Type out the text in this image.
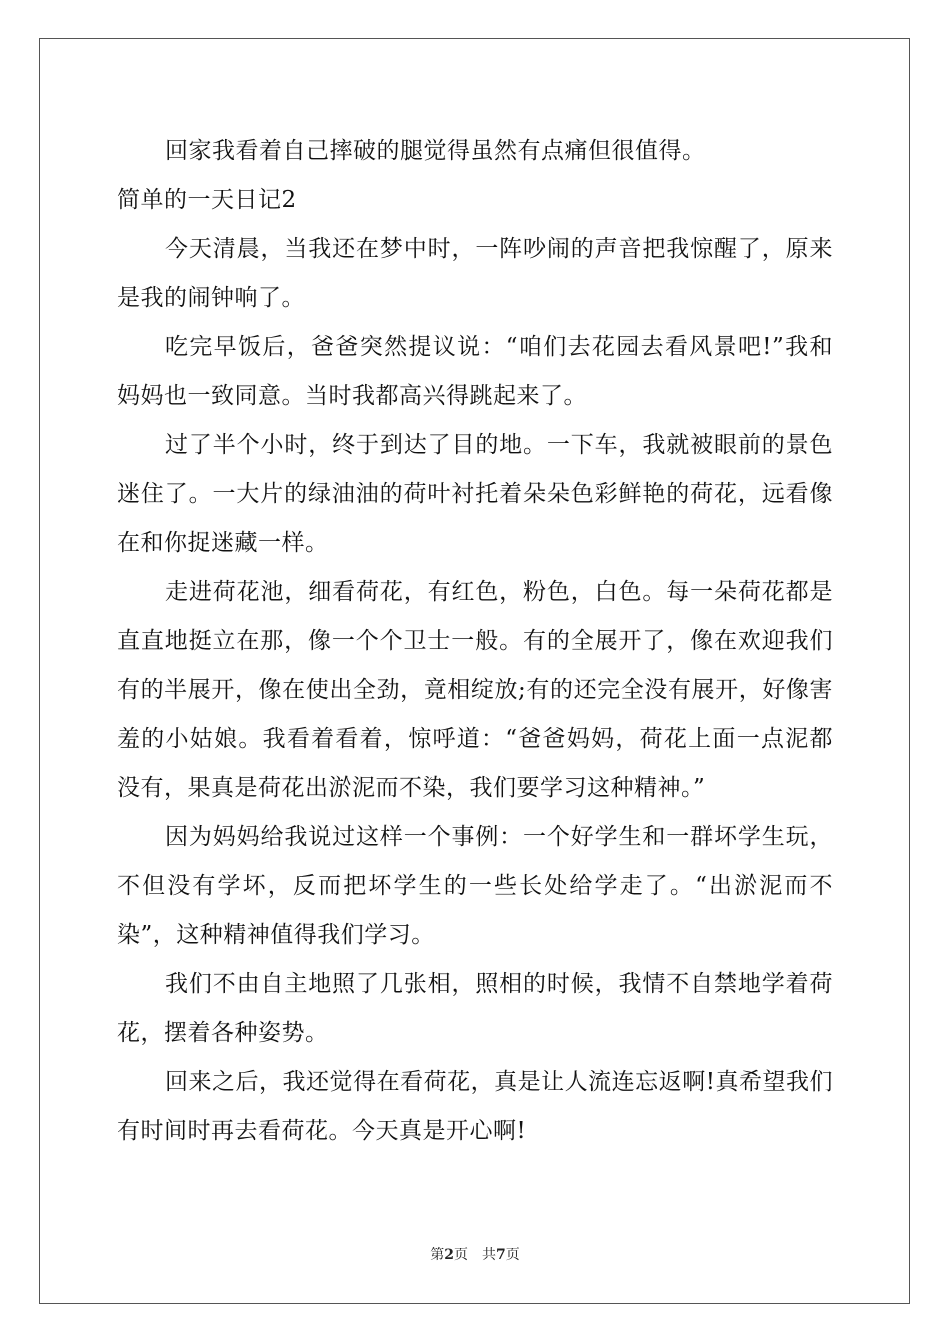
回家我看着自己摔破的腿觉得虽然有点痛但很值得。

简单的一天日记2

今天清晨，当我还在梦中时，一阵吵闹的声音把我惊醒了，原来是我的闹钟响了。

吃完早饭后，爸爸突然提议说：“咱们去花园去看风景吧!”我和妈妈也一致同意。当时我都高兴得跳起来了。

过了半个小时，终于到达了目的地。一下车，我就被眼前的景色迷住了。一大片的绿油油的荷叶衬托着朵朵色彩鲜艳的荷花，远看像在和你捉迷藏一样。

走进荷花池，细看荷花，有红色，粉色，白色。每一朵荷花都是直直地挺立在那，像一个个卫士一般。有的全展开了，像在欢迎我们有的半展开，像在使出全劲，竟相绽放;有的还完全没有展开，好像害羞的小姑娘。我看着看着，惊呼道：“爸爸妈妈，荷花上面一点泥都没有，果真是荷花出淤泥而不染，我们要学习这种精神。”

因为妈妈给我说过这样一个事例：一个好学生和一群坏学生玩，不但没有学坏，反而把坏学生的一些长处给学走了。“出淤泥而不染”，这种精神值得我们学习。

我们不由自主地照了几张相，照相的时候，我情不自禁地学着荷花，摆着各种姿势。

回来之后，我还觉得在看荷花，真是让人流连忘返啊!真希望我们有时间时再去看荷花。今天真是开心啊!

第2页 共7页
